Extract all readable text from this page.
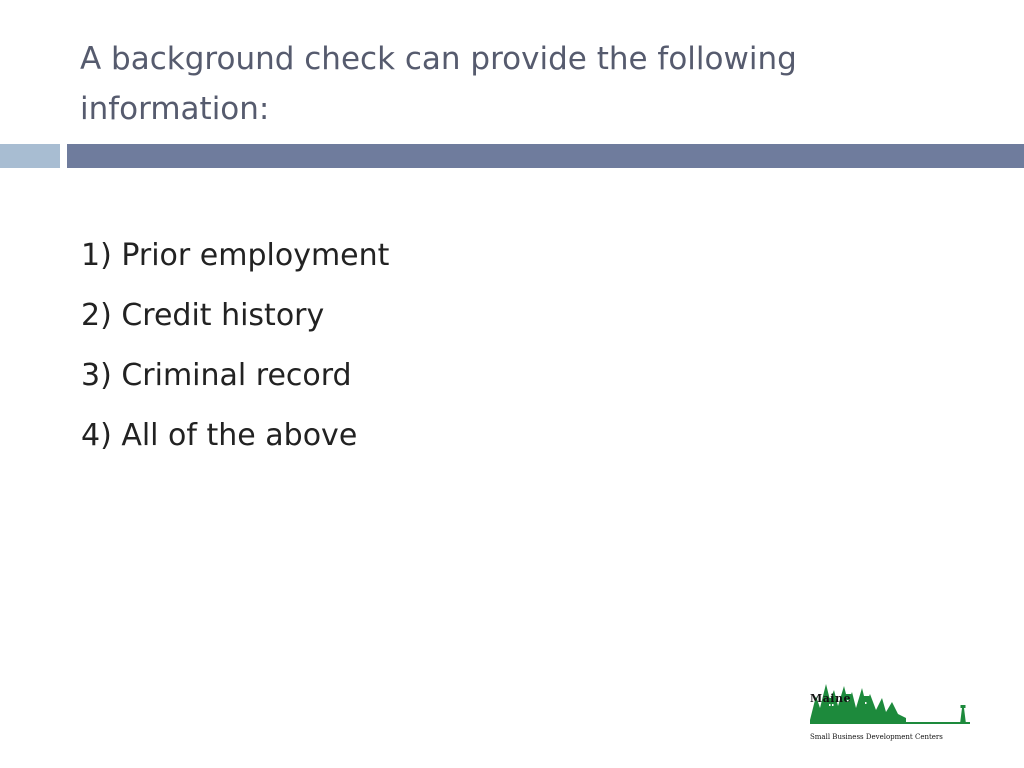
A background check can provide the following information:
1) Prior employment
2) Credit history
3) Criminal record
4) All of the above

Maine

Small Business Development Centers
